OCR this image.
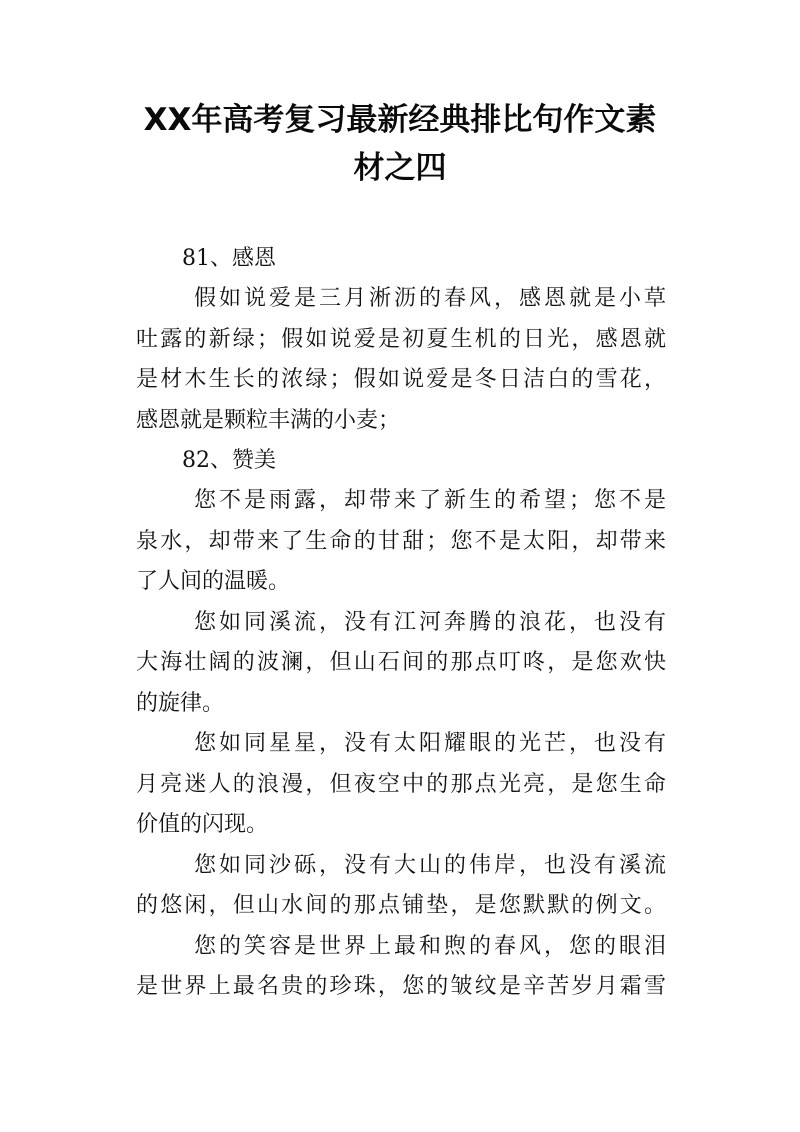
XX年高考复习最新经典排比句作文素
材之四
81、感恩
假如说爱是三月淅沥的春风，感恩就是小草
吐露的新绿；假如说爱是初夏生机的日光，感恩就
是材木生长的浓绿；假如说爱是冬日洁白的雪花，
感恩就是颗粒丰满的小麦；
82、赞美
您不是雨露，却带来了新生的希望；您不是
泉水，却带来了生命的甘甜；您不是太阳，却带来
了人间的温暖。
您如同溪流，没有江河奔腾的浪花，也没有
大海壮阔的波澜，但山石间的那点叮咚，是您欢快
的旋律。
您如同星星，没有太阳耀眼的光芒，也没有
月亮迷人的浪漫，但夜空中的那点光亮，是您生命
价值的闪现。
您如同沙砾，没有大山的伟岸，也没有溪流
的悠闲，但山水间的那点铺垫，是您默默的例文。
您的笑容是世界上最和煦的春风，您的眼泪
是世界上最名贵的珍珠，您的皱纹是辛苦岁月霜雪
